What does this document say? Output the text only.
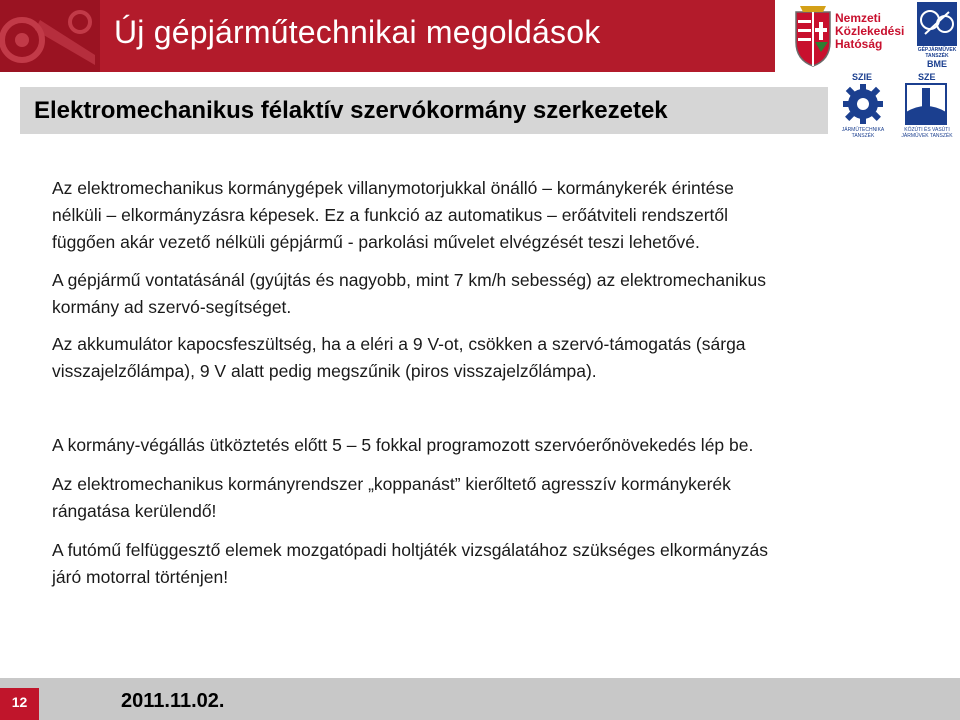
Új gépjárműtechnikai megoldások	Nemzeti
Közlekedési
Hatóság	GÉPJÁRMŰVEK
TANSZÉK
BME
Elektromechanikus félaktív szervókormány szerkezetek
SZIE
JÁRMŰTECHNIKA
TANSZÉK
SZE
KÖZÚTI ÉS VASÚTI
JÁRMŰVEK TANSZÉK
Az elektromechanikus kormánygépek villanymotorjukkal önálló – kormánykerék érintése
nélküli – elkormányzásra képesek. Ez a funkció az automatikus – erőátviteli rendszertől
függően akár vezető nélküli gépjármű - parkolási művelet elvégzését teszi lehetővé.
A gépjármű vontatásánál (gyújtás és nagyobb, mint 7 km/h sebesség) az elektromechanikus
kormány ad szervó-segítséget.
Az akkumulátor kapocsfeszültség, ha a eléri a 9 V-ot, csökken a szervó-támogatás (sárga
visszajelzőlámpa), 9 V alatt pedig megszűnik (piros visszajelzőlámpa).
A kormány-végállás ütköztetés előtt 5 – 5 fokkal programozott szervóerőnövekedés lép be.
Az elektromechanikus kormányrendszer „koppanást” kierőltető agresszív kormánykerék
rángatása kerülendő!
A futómű felfüggesztő elemek mozgatópadi holtjáték vizsgálatához szükséges elkormányzás
járó motorral történjen!
12	2011.11.02.
